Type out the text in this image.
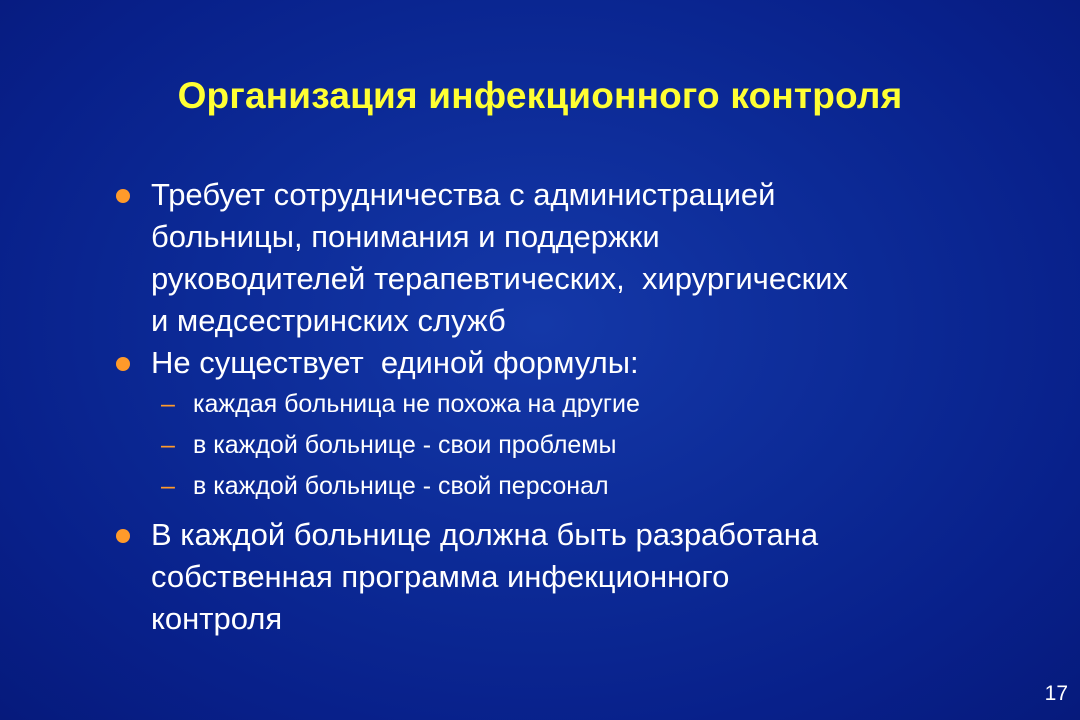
Организация инфекционного контроля
Требует сотрудничества с администрацией
больницы, понимания и поддержки
руководителей терапевтических,  хирургических
и медсестринских служб
Не существует  единой формулы:
– каждая больница не похожа на другие
– в каждой больнице - свои проблемы
– в каждой больнице - свой персонал
В каждой больнице должна быть разработана
собственная программа инфекционного
контроля
17
